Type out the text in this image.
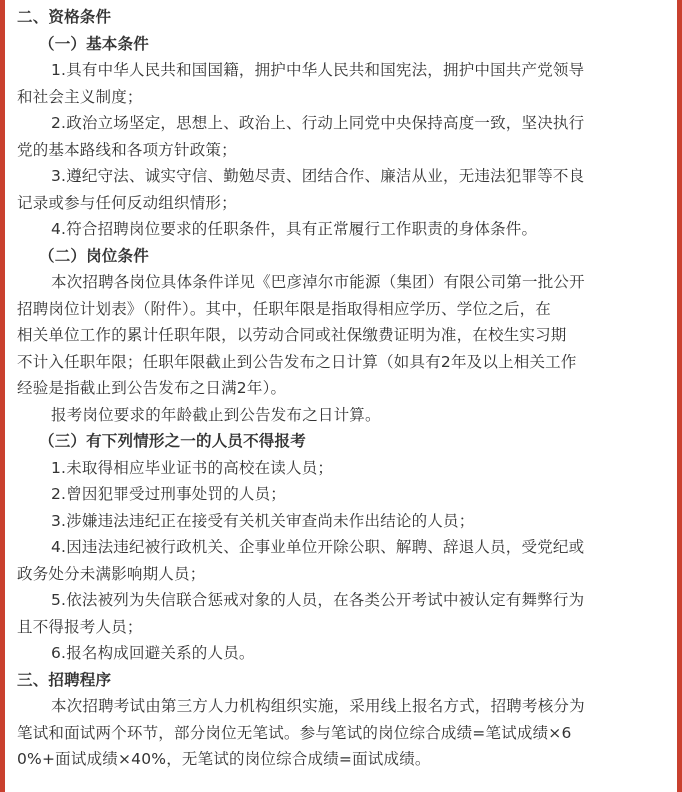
二、资格条件
（一）基本条件
1.具有中华人民共和国国籍，拥护中华人民共和国宪法，拥护中国共产党领导
和社会主义制度；
2.政治立场坚定，思想上、政治上、行动上同党中央保持高度一致，坚决执行
党的基本路线和各项方针政策；
3.遵纪守法、诚实守信、勤勉尽责、团结合作、廉洁从业，无违法犯罪等不良
记录或参与任何反动组织情形；
4.符合招聘岗位要求的任职条件，具有正常履行工作职责的身体条件。
（二）岗位条件
本次招聘各岗位具体条件详见《巴彦淖尔市能源（集团）有限公司第一批公开
招聘岗位计划表》（附件）。其中，任职年限是指取得相应学历、学位之后，在
相关单位工作的累计任职年限，以劳动合同或社保缴费证明为准，在校生实习期
不计入任职年限；任职年限截止到公告发布之日计算（如具有2年及以上相关工作
经验是指截止到公告发布之日满2年）。
报考岗位要求的年龄截止到公告发布之日计算。
（三）有下列情形之一的人员不得报考
1.未取得相应毕业证书的高校在读人员；
2.曾因犯罪受过刑事处罚的人员；
3.涉嫌违法违纪正在接受有关机关审查尚未作出结论的人员；
4.因违法违纪被行政机关、企事业单位开除公职、解聘、辞退人员，受党纪或
政务处分未满影响期人员；
5.依法被列为失信联合惩戒对象的人员，在各类公开考试中被认定有舞弊行为
且不得报考人员；
6.报名构成回避关系的人员。
三、招聘程序
本次招聘考试由第三方人力机构组织实施，采用线上报名方式，招聘考核分为
笔试和面试两个环节，部分岗位无笔试。参与笔试的岗位综合成绩=笔试成绩×6
0%+面试成绩×40%，无笔试的岗位综合成绩=面试成绩。
